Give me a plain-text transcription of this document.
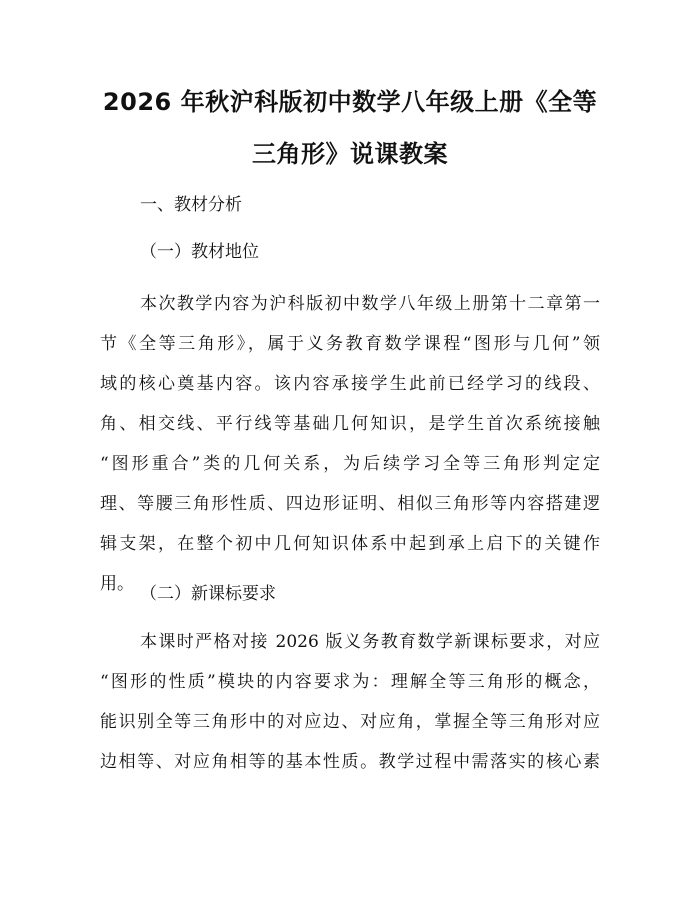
2026 年秋沪科版初中数学八年级上册《全等
三角形》说课教案
一、教材分析
（一）教材地位
本次教学内容为沪科版初中数学八年级上册第十二章第一
节《全等三角形》，属于义务教育数学课程“图形与几何”领
域的核心奠基内容。该内容承接学生此前已经学习的线段、
角、相交线、平行线等基础几何知识，是学生首次系统接触
“图形重合”类的几何关系，为后续学习全等三角形判定定
理、等腰三角形性质、四边形证明、相似三角形等内容搭建逻
辑支架，在整个初中几何知识体系中起到承上启下的关键作
用。 （二）新课标要求
本课时严格对接 2026 版义务教育数学新课标要求，对应
“图形的性质”模块的内容要求为：理解全等三角形的概念，
能识别全等三角形中的对应边、对应角，掌握全等三角形对应
边相等、对应角相等的基本性质。教学过程中需落实的核心素
